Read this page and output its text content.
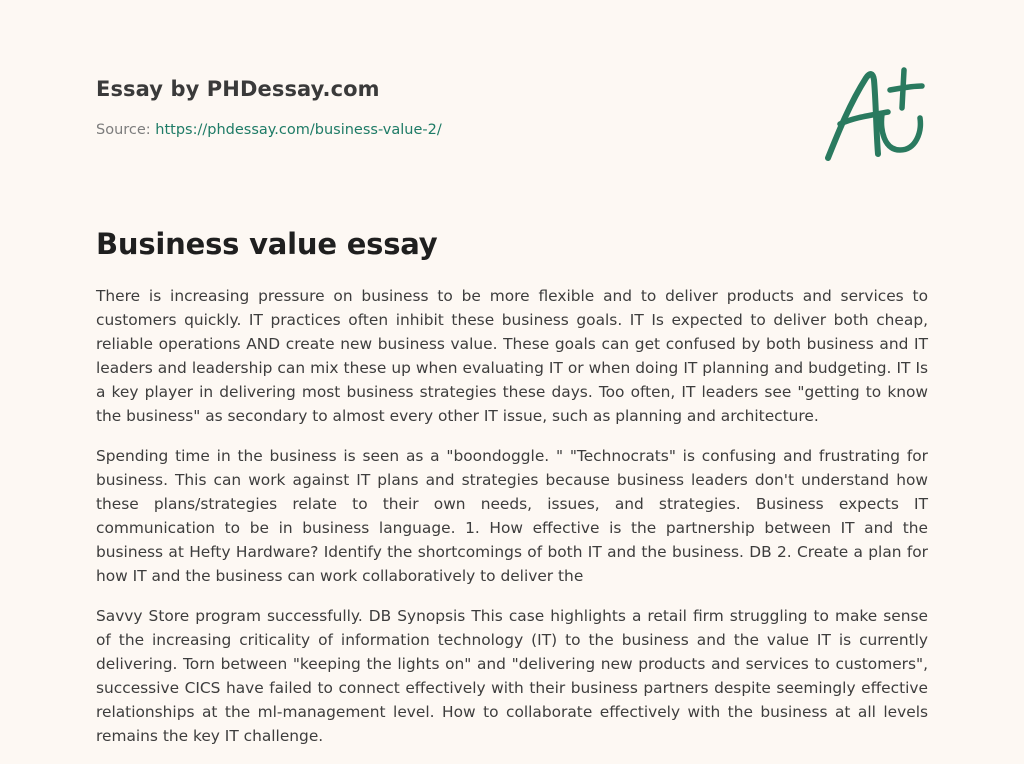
Essay by PHDessay.com
Source: https://phdessay.com/business-value-2/
Business value essay

There is increasing pressure on business to be more flexible and to deliver products and services to customers quickly. IT practices often inhibit these business goals. IT Is expected to deliver both cheap, reliable operations AND create new business value. These goals can get confused by both business and IT leaders and leadership can mix these up when evaluating IT or when doing IT planning and budgeting. IT Is a key player in delivering most business strategies these days. Too often, IT leaders see "getting to know the business" as secondary to almost every other IT issue, such as planning and architecture.

Spending time in the business is seen as a "boondoggle. " "Technocrats" is confusing and frustrating for business. This can work against IT plans and strategies because business leaders don't understand how these plans/strategies relate to their own needs, issues, and strategies. Business expects IT communication to be in business language. 1. How effective is the partnership between IT and the business at Hefty Hardware? Identify the shortcomings of both IT and the business. DB 2. Create a plan for how IT and the business can work collaboratively to deliver the

Savvy Store program successfully. DB Synopsis This case highlights a retail firm struggling to make sense of the increasing criticality of information technology (IT) to the business and the value IT is currently delivering. Torn between "keeping the lights on" and "delivering new products and services to customers", successive CICS have failed to connect effectively with their business partners despite seemingly effective relationships at the ml-management level. How to collaborate effectively with the business at all levels remains the key IT challenge.
